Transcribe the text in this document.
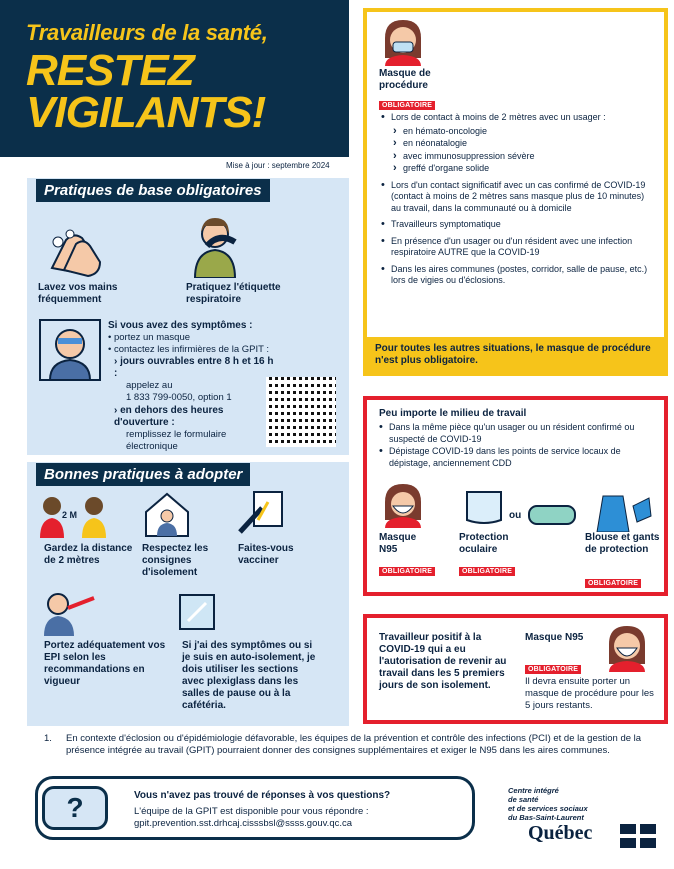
Travailleurs de la santé,
RESTEZ
VIGILANTS!
Mise à jour : septembre 2024
Pratiques de base obligatoires
Lavez vos mains fréquemment
Pratiquez l'étiquette respiratoire
Si vous avez des symptômes :
• portez un masque
• contactez les infirmières de la GPIT :
› jours ouvrables entre 8 h et 16 h :
appelez au
1 833 799-0050, option 1
› en dehors des heures d'ouverture :
remplissez le formulaire électronique
Bonnes pratiques à adopter
2 M
Gardez la distance de 2 mètres
Respectez les consignes d'isolement
Faites-vous vacciner
Portez adéquatement vos EPI selon les recommandations en vigueur
Si j'ai des symptômes ou si je suis en auto-isolement, je dois utiliser les sections avec plexiglass dans les salles de pause ou à la cafétéria.
Masque de procédure
OBLIGATOIRE
• Lors de contact à moins de 2 mètres avec un usager :
› en hémato-oncologie
› en néonatalogie
› avec immunosuppression sévère
› greffé d'organe solide
• Lors d'un contact significatif avec un cas confirmé de COVID-19 (contact à moins de 2 mètres sans masque plus de 10 minutes) au travail, dans la communauté ou à domicile
• Travailleurs symptomatique
• En présence d'un usager ou d'un résident avec une infection respiratoire AUTRE que la COVID-19
• Dans les aires communes (postes, corridor, salle de pause, etc.) lors de vigies ou d'éclosions.
Pour toutes les autres situations, le masque de procédure n'est plus obligatoire.
Peu importe le milieu de travail
• Dans la même pièce qu'un usager ou un résident confirmé ou suspecté de COVID-19
• Dépistage COVID-19 dans les points de service locaux de dépistage, anciennement CDD
Masque N95
OBLIGATOIRE
Protection oculaire
OBLIGATOIRE
ou
Blouse et gants de protection
OBLIGATOIRE
Travailleur positif à la COVID-19 qui a eu l'autorisation de revenir au travail dans les 5 premiers jours de son isolement.
Masque N95
OBLIGATOIRE
Il devra ensuite porter un masque de procédure pour les 5 jours restants.
1. En contexte d'éclosion ou d'épidémiologie défavorable, les équipes de la prévention et contrôle des infections (PCI) et de la gestion de la présence intégrée au travail (GPIT) pourraient donner des consignes supplémentaires et exiger le N95 dans les aires communes.
?	Vous n'avez pas trouvé de réponses à vos questions?
L'équipe de la GPIT est disponible pour vous répondre :
gpit.prevention.sst.drhcaj.cisssbsl@ssss.gouv.qc.ca
Centre intégré
de santé
et de services sociaux
du Bas-Saint-Laurent
Québec
